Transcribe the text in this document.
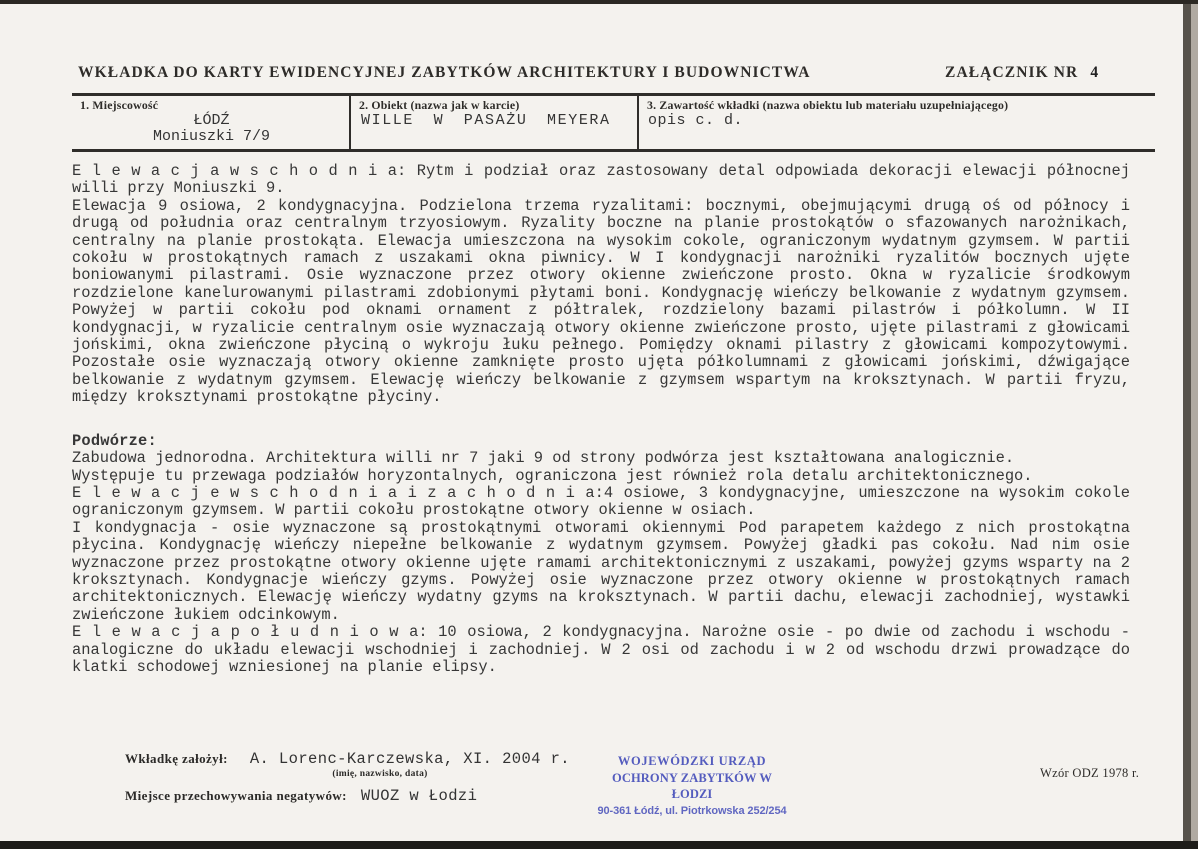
WKŁADKA DO KARTY EWIDENCYJNEJ ZABYTKÓW ARCHITEKTURY I BUDOWNICTWA	ZAŁĄCZNIK NR 4
1. Miejscowość
ŁÓDŹ
Moniuszki 7/9
2. Obiekt (nazwa jak w karcie)
WILLE W PASAŻU MEYERA
3. Zawartość wkładki (nazwa obiektu lub materiału uzupełniającego)
opis c. d.

E l e w a c j a w s c h o d n i a: Rytm i podział oraz zastosowany detal odpowiada dekoracji elewacji północnej willi przy Moniuszki 9.

Elewacja 9 osiowa, 2 kondygnacyjna. Podzielona trzema ryzalitami: bocznymi, obejmującymi drugą oś od północy i drugą od południa oraz centralnym trzyosiowym. Ryzality boczne na planie prostokątów o sfazowanych narożnikach, centralny na planie prostokąta. Elewacja umieszczona na wysokim cokole, ograniczonym wydatnym gzymsem. W partii cokołu w prostokątnych ramach z uszakami okna piwnicy. W I kondygnacji narożniki ryzalitów bocznych ujęte boniowanymi pilastrami. Osie wyznaczone przez otwory okienne zwieńczone prosto. Okna w ryzalicie środkowym rozdzielone kanelurowanymi pilastrami zdobionymi płytami boni. Kondygnację wieńczy belkowanie z wydatnym gzymsem. Powyżej w partii cokołu pod oknami ornament z półtralek, rozdzielony bazami pilastrów i półkolumn. W II kondygnacji, w ryzalicie centralnym osie wyznaczają otwory okienne zwieńczone prosto, ujęte pilastrami z głowicami jońskimi, okna zwieńczone płyciną o wykroju łuku pełnego. Pomiędzy oknami pilastry z głowicami kompozytowymi. Pozostałe osie wyznaczają otwory okienne zamknięte prosto ujęta półkolumnami z głowicami jońskimi, dźwigające belkowanie z wydatnym gzymsem. Elewację wieńczy belkowanie z gzymsem wspartym na kroksztynach. W partii fryzu, między kroksztynami prostokątne płyciny.

Podwórze:

Zabudowa jednorodna. Architektura willi nr 7 jaki 9 od strony podwórza jest kształtowana analogicznie.

Występuje tu przewaga podziałów horyzontalnych, ograniczona jest również rola detalu architektonicznego.

E l e w a c j e w s c h o d n i a i z a c h o d n i a:4 osiowe, 3 kondygnacyjne, umieszczone na wysokim cokole ograniczonym gzymsem. W partii cokołu prostokątne otwory okienne w osiach.

I kondygnacja - osie wyznaczone są prostokątnymi otworami okiennymi Pod parapetem każdego z nich prostokątna płycina. Kondygnację wieńczy niepełne belkowanie z wydatnym gzymsem. Powyżej gładki pas cokołu. Nad nim osie wyznaczone przez prostokątne otwory okienne ujęte ramami architektonicznymi z uszakami, powyżej gzyms wsparty na 2 kroksztynach. Kondygnacje wieńczy gzyms. Powyżej osie wyznaczone przez otwory okienne w prostokątnych ramach architektonicznych. Elewację wieńczy wydatny gzyms na kroksztynach. W partii dachu, elewacji zachodniej, wystawki zwieńczone łukiem odcinkowym.

E l e w a c j a p o ł u d n i o w a: 10 osiowa, 2 kondygnacyjna. Narożne osie - po dwie od zachodu i wschodu - analogiczne do układu elewacji wschodniej i zachodniej. W 2 osi od zachodu i w 2 od wschodu drzwi prowadzące do klatki schodowej wzniesionej na planie elipsy.

Wkładkę założył: A. Lorenc-Karczewska, XI. 2004 r.
(imię, nazwisko, data)
Miejsce przechowywania negatywów: WUOZ w Łodzi
WOJEWÓDZKI URZĄD
OCHRONY ZABYTKÓW W ŁODZI
90-361 Łódź, ul. Piotrkowska 252/254
Wzór ODZ 1978 r.
